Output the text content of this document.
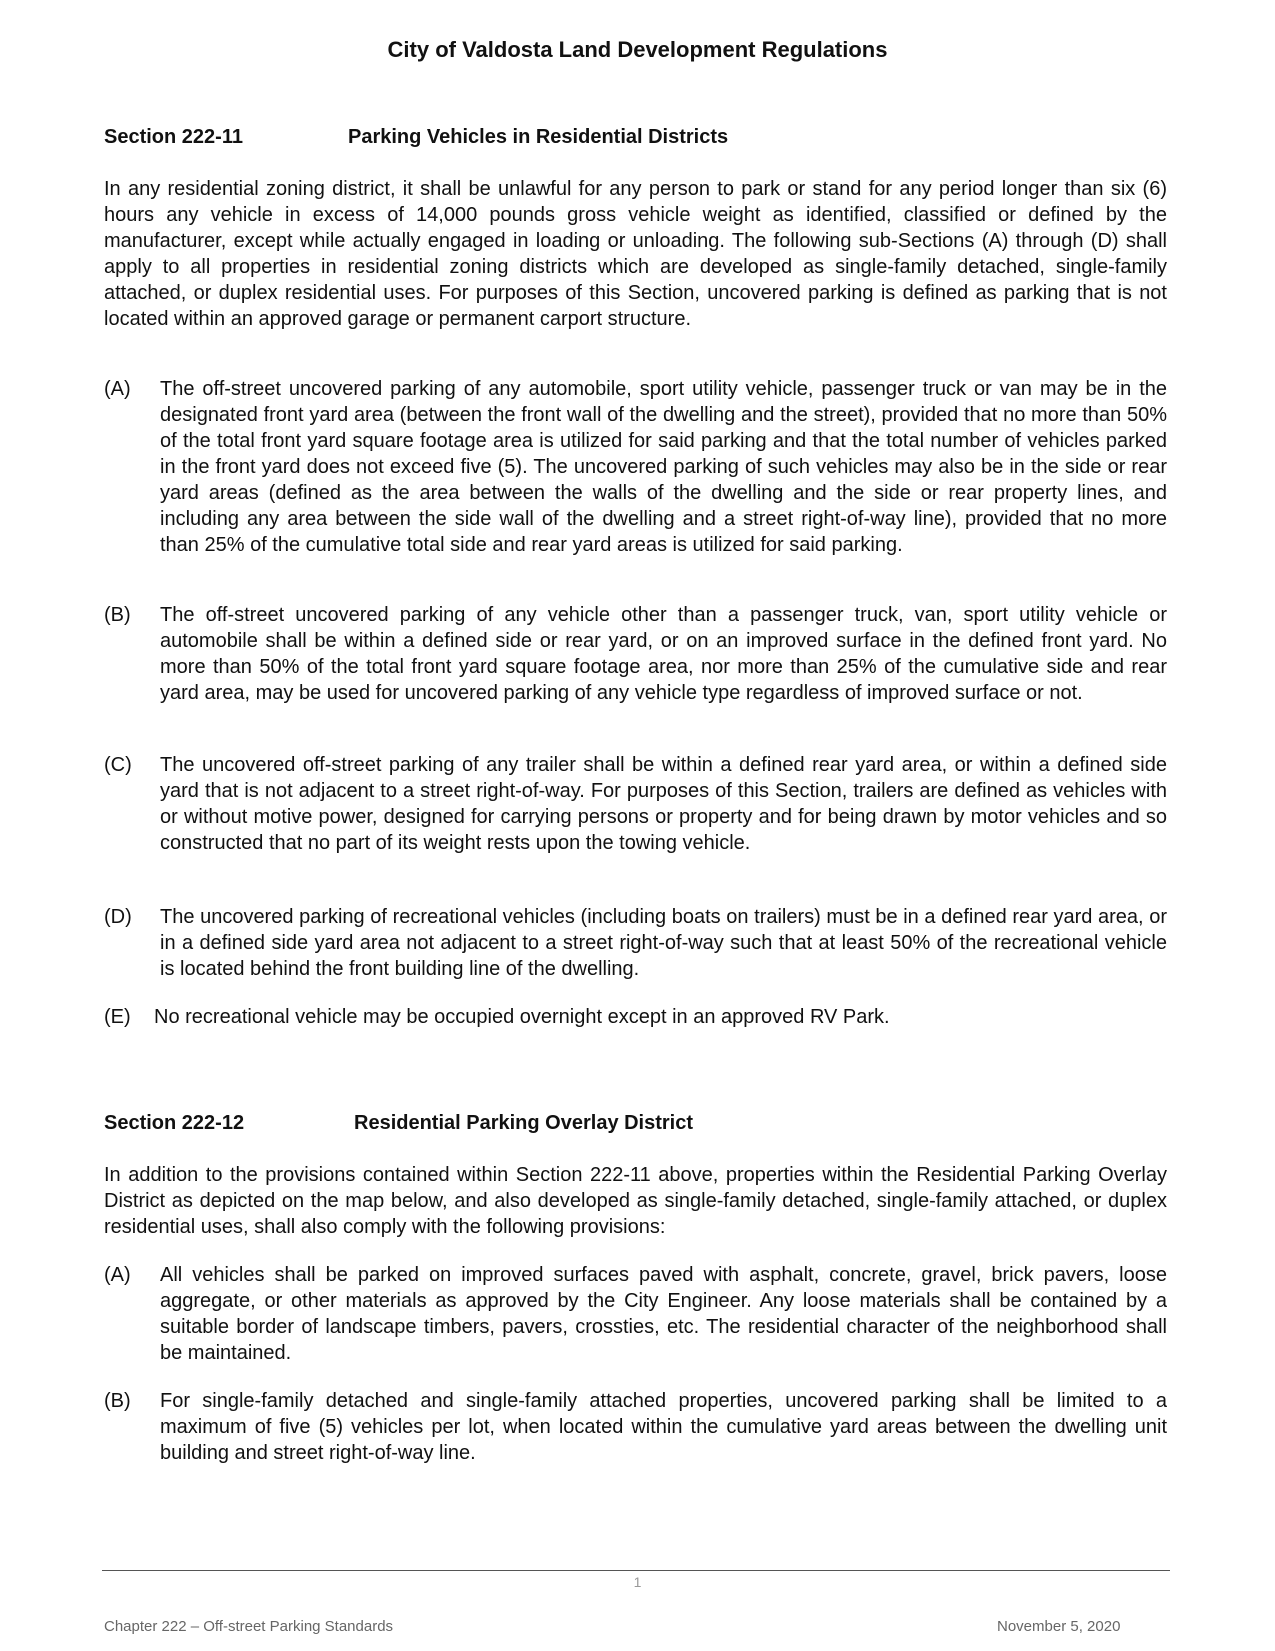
City of Valdosta Land Development Regulations
Section 222-11	Parking Vehicles in Residential Districts
In any residential zoning district, it shall be unlawful for any person to park or stand for any period longer than six (6) hours any vehicle in excess of 14,000 pounds gross vehicle weight as identified, classified or defined by the manufacturer, except while actually engaged in loading or unloading. The following sub-Sections (A) through (D) shall apply to all properties in residential zoning districts which are developed as single-family detached, single-family attached, or duplex residential uses. For purposes of this Section, uncovered parking is defined as parking that is not located within an approved garage or permanent carport structure.
(A) The off-street uncovered parking of any automobile, sport utility vehicle, passenger truck or van may be in the designated front yard area (between the front wall of the dwelling and the street), provided that no more than 50% of the total front yard square footage area is utilized for said parking and that the total number of vehicles parked in the front yard does not exceed five (5). The uncovered parking of such vehicles may also be in the side or rear yard areas (defined as the area between the walls of the dwelling and the side or rear property lines, and including any area between the side wall of the dwelling and a street right-of-way line), provided that no more than 25% of the cumulative total side and rear yard areas is utilized for said parking.
(B) The off-street uncovered parking of any vehicle other than a passenger truck, van, sport utility vehicle or automobile shall be within a defined side or rear yard, or on an improved surface in the defined front yard. No more than 50% of the total front yard square footage area, nor more than 25% of the cumulative side and rear yard area, may be used for uncovered parking of any vehicle type regardless of improved surface or not.
(C) The uncovered off-street parking of any trailer shall be within a defined rear yard area, or within a defined side yard that is not adjacent to a street right-of-way. For purposes of this Section, trailers are defined as vehicles with or without motive power, designed for carrying persons or property and for being drawn by motor vehicles and so constructed that no part of its weight rests upon the towing vehicle.
(D) The uncovered parking of recreational vehicles (including boats on trailers) must be in a defined rear yard area, or in a defined side yard area not adjacent to a street right-of-way such that at least 50% of the recreational vehicle is located behind the front building line of the dwelling.
(E) No recreational vehicle may be occupied overnight except in an approved RV Park.
Section 222-12	Residential Parking Overlay District
In addition to the provisions contained within Section 222-11 above, properties within the Residential Parking Overlay District as depicted on the map below, and also developed as single-family detached, single-family attached, or duplex residential uses, shall also comply with the following provisions:
(A) All vehicles shall be parked on improved surfaces paved with asphalt, concrete, gravel, brick pavers, loose aggregate, or other materials as approved by the City Engineer. Any loose materials shall be contained by a suitable border of landscape timbers, pavers, crossties, etc. The residential character of the neighborhood shall be maintained.
(B) For single-family detached and single-family attached properties, uncovered parking shall be limited to a maximum of five (5) vehicles per lot, when located within the cumulative yard areas between the dwelling unit building and street right-of-way line.
1
Chapter 222 – Off-street Parking Standards	November 5, 2020
